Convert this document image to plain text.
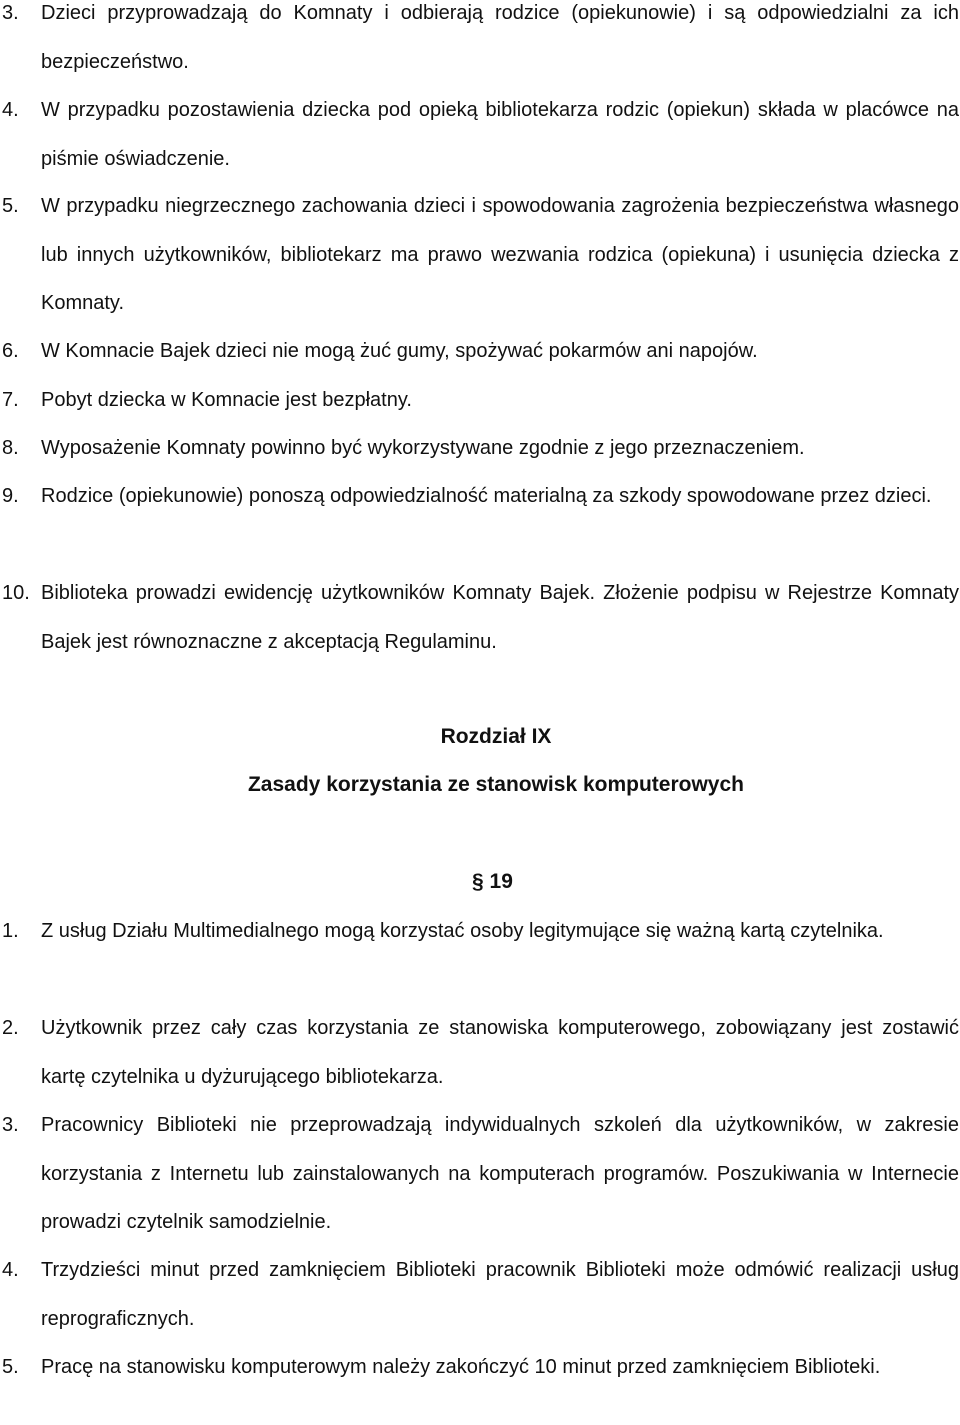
3. Dzieci przyprowadzają do Komnaty i odbierają rodzice (opiekunowie) i są odpowiedzialni za ich bezpieczeństwo.
4. W przypadku pozostawienia dziecka pod opieką bibliotekarza rodzic (opiekun) składa w placówce na piśmie oświadczenie.
5. W przypadku niegrzecznego zachowania dzieci i spowodowania zagrożenia bezpieczeństwa własnego lub innych użytkowników, bibliotekarz ma prawo wezwania rodzica (opiekuna) i usunięcia dziecka z Komnaty.
6. W Komnacie Bajek dzieci nie mogą żuć gumy, spożywać pokarmów ani napojów.
7. Pobyt dziecka w Komnacie jest bezpłatny.
8. Wyposażenie Komnaty powinno być wykorzystywane zgodnie z jego przeznaczeniem.
9. Rodzice (opiekunowie) ponoszą odpowiedzialność materialną za szkody spowodowane przez dzieci.
10. Biblioteka prowadzi ewidencję użytkowników Komnaty Bajek. Złożenie podpisu w Rejestrze Komnaty Bajek jest równoznaczne z akceptacją Regulaminu.
Rozdział IX
Zasady korzystania ze stanowisk komputerowych
§ 19
1. Z usług Działu Multimedialnego mogą korzystać osoby legitymujące się ważną kartą czytelnika.
2. Użytkownik przez cały czas korzystania ze stanowiska komputerowego, zobowiązany jest zostawić kartę czytelnika u dyżurującego bibliotekarza.
3. Pracownicy Biblioteki nie przeprowadzają indywidualnych szkoleń dla użytkowników, w zakresie korzystania z Internetu lub zainstalowanych na komputerach programów. Poszukiwania w Internecie prowadzi czytelnik samodzielnie.
4. Trzydzieści minut przed zamknięciem Biblioteki pracownik Biblioteki może odmówić realizacji usług reprograficznych.
5. Pracę na stanowisku komputerowym należy zakończyć 10 minut przed zamknięciem Biblioteki.
